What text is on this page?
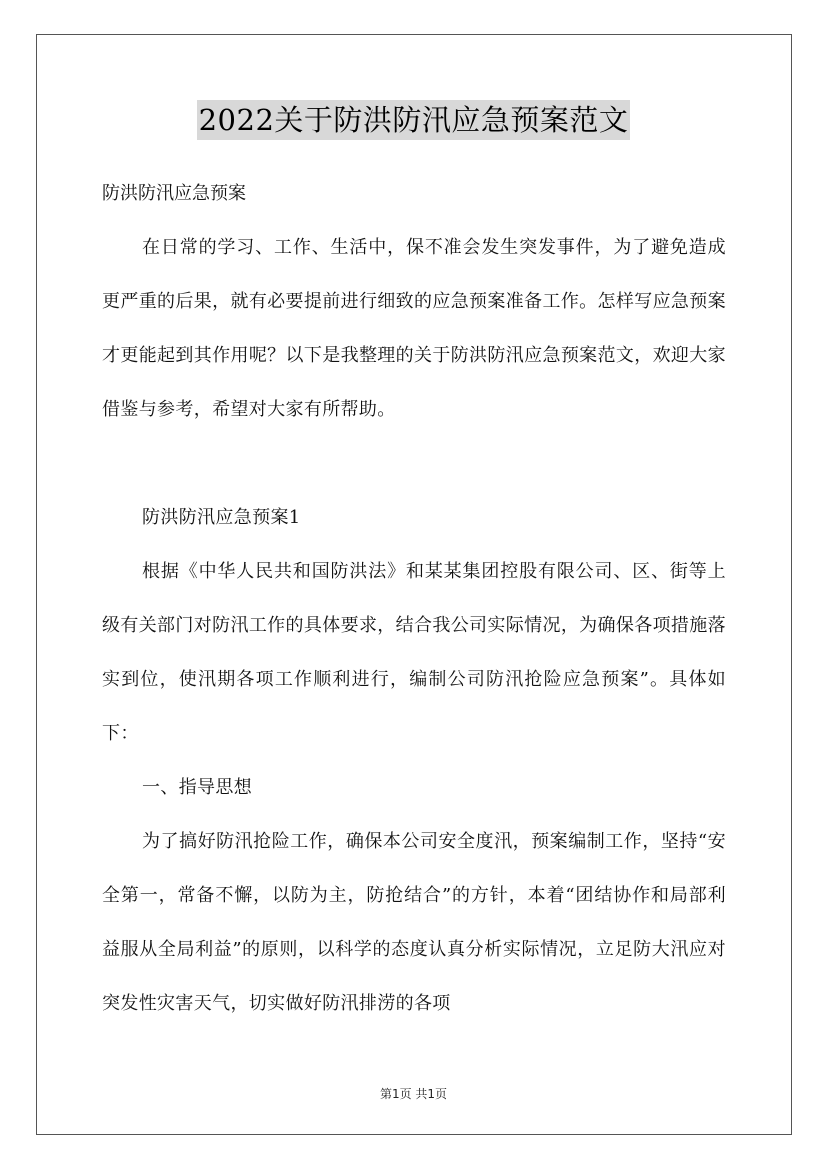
2022关于防洪防汛应急预案范文
防洪防汛应急预案

在日常的学习、工作、生活中，保不准会发生突发事件，为了避免造成更严重的后果，就有必要提前进行细致的应急预案准备工作。怎样写应急预案才更能起到其作用呢？以下是我整理的关于防洪防汛应急预案范文，欢迎大家借鉴与参考，希望对大家有所帮助。

防洪防汛应急预案1

根据《中华人民共和国防洪法》和某某集团控股有限公司、区、街等上级有关部门对防汛工作的具体要求，结合我公司实际情况，为确保各项措施落实到位，使汛期各项工作顺利进行，编制公司防汛抢险应急预案”。具体如下：

一、指导思想

为了搞好防汛抢险工作，确保本公司安全度汛，预案编制工作，坚持“安全第一，常备不懈，以防为主，防抢结合”的方针，本着“团结协作和局部利益服从全局利益”的原则，以科学的态度认真分析实际情况，立足防大汛应对突发性灾害天气，切实做好防汛排涝的各项

第1页 共1页
